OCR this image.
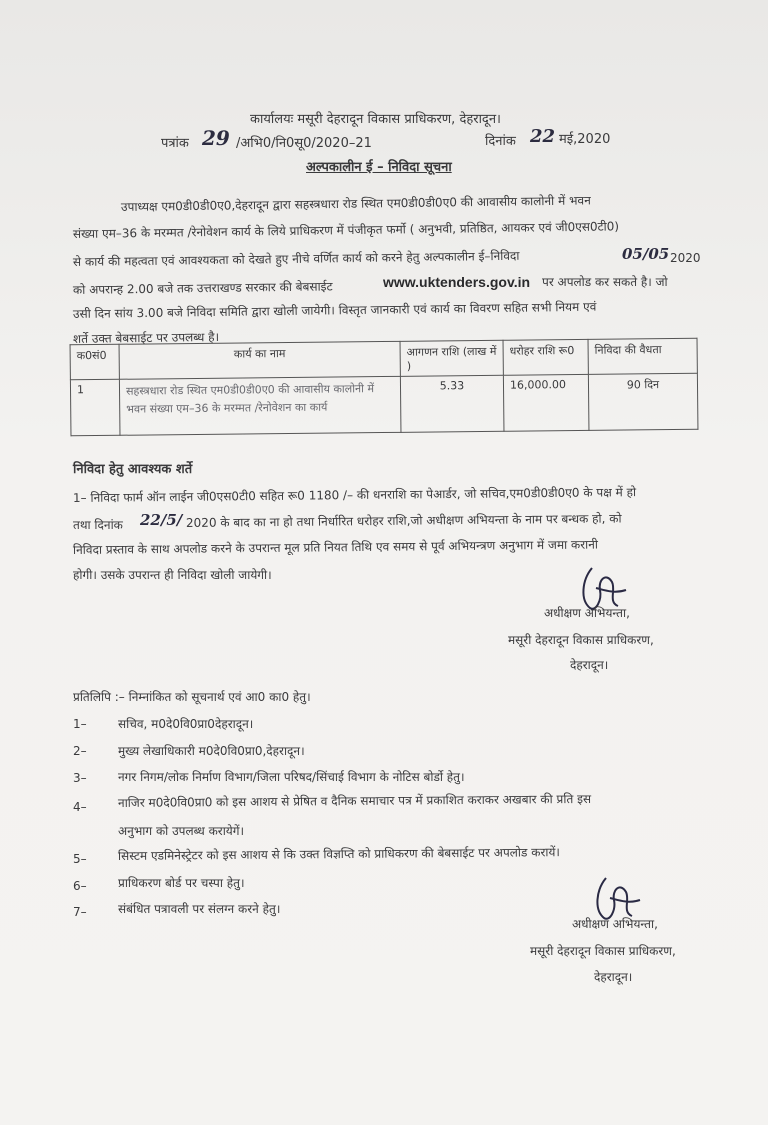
कार्यालयः मसूरी देहरादून विकास प्राधिकरण, देहरादून।
पत्रांक 29 /अभि0/नि0सू0/2020–21	दिनांक 22 मई,2020
अल्पकालीन ई – निविदा सूचना
उपाध्यक्ष एम0डी0डी0ए0,देहरादून द्वारा सहस्त्रधारा रोड स्थित एम0डी0डी0ए0 की आवासीय कालोनी में भवन
संख्या एम–36 के मरम्मत /रेनोवेशन कार्य के लिये प्राधिकरण में पंजीकृत फर्मो ( अनुभवी, प्रतिष्ठित, आयकर एवं जी0एस0टी0)
से कार्य की महत्वता एवं आवश्यकता को देखते हुए नीचे वर्णित कार्य को करने हेतु अल्पकालीन ई–निविदा	05/05 2020
को अपरान्ह 2.00 बजे तक उत्तराखण्ड सरकार की बेबसाईट	www.uktenders.gov.in पर अपलोड कर सकते है। जो
उसी दिन सांय 3.00 बजे निविदा समिति द्वारा खोली जायेगी। विस्तृत जानकारी एवं कार्य का विवरण सहित सभी नियम एवं
शर्ते उक्त बेबसाईट पर उपलब्ध है।
क0सं0	कार्य का नाम	आगणन राशि (लाख में )	धरोहर राशि रू0	निविदा की वैधता
1	सहस्त्रधारा रोड स्थित एम0डी0डी0ए0 की आवासीय कालोनी में भवन संख्या एम–36 के मरम्मत /रेनोवेशन का कार्य	5.33	16,000.00	90 दिन
निविदा हेतु आवश्यक शर्ते
1– निविदा फार्म ऑन लाईन जी0एस0टी0 सहित रू0 1180 /– की धनराशि का पेआर्डर, जो सचिव,एम0डी0डी0ए0 के पक्ष में हो
तथा दिनांक 22/5/ 2020 के बाद का ना हो तथा निर्धारित धरोहर राशि,जो अधीक्षण अभियन्ता के नाम पर बन्धक हो, को
निविदा प्रस्ताव के साथ अपलोड करने के उपरान्त मूल प्रति नियत तिथि एव समय से पूर्व अभियन्त्रण अनुभाग में जमा करानी
होगी। उसके उपरान्त ही निविदा खोली जायेगी।
अधीक्षण अभियन्ता,
मसूरी देहरादून विकास प्राधिकरण,
देहरादून।
प्रतिलिपि :– निम्नांकित को सूचनार्थ एवं आ0 का0 हेतु।
1–	सचिव, म0दे0वि0प्रा0देहरादून।
2–	मुख्य लेखाधिकारी म0दे0वि0प्रा0,देहरादून।
3–	नगर निगम/लोक निर्माण विभाग/जिला परिषद/सिंचाई विभाग के नोटिस बोर्डो हेतु।
4–	नाजिर म0दे0वि0प्रा0 को इस आशय से प्रेषित व दैनिक समाचार पत्र में प्रकाशित कराकर अखबार की प्रति इस
अनुभाग को उपलब्ध करायेगें।
5–	सिस्टम एडमिनेस्ट्रेटर को इस आशय से कि उक्त विज्ञप्ति को प्राधिकरण की बेबसाईट पर अपलोड करायें।
6–	प्राधिकरण बोर्ड पर चस्पा हेतु।
7–	संबंधित पत्रावली पर संलग्न करने हेतु।
अधीक्षण अभियन्ता,
मसूरी देहरादून विकास प्राधिकरण,
देहरादून।
